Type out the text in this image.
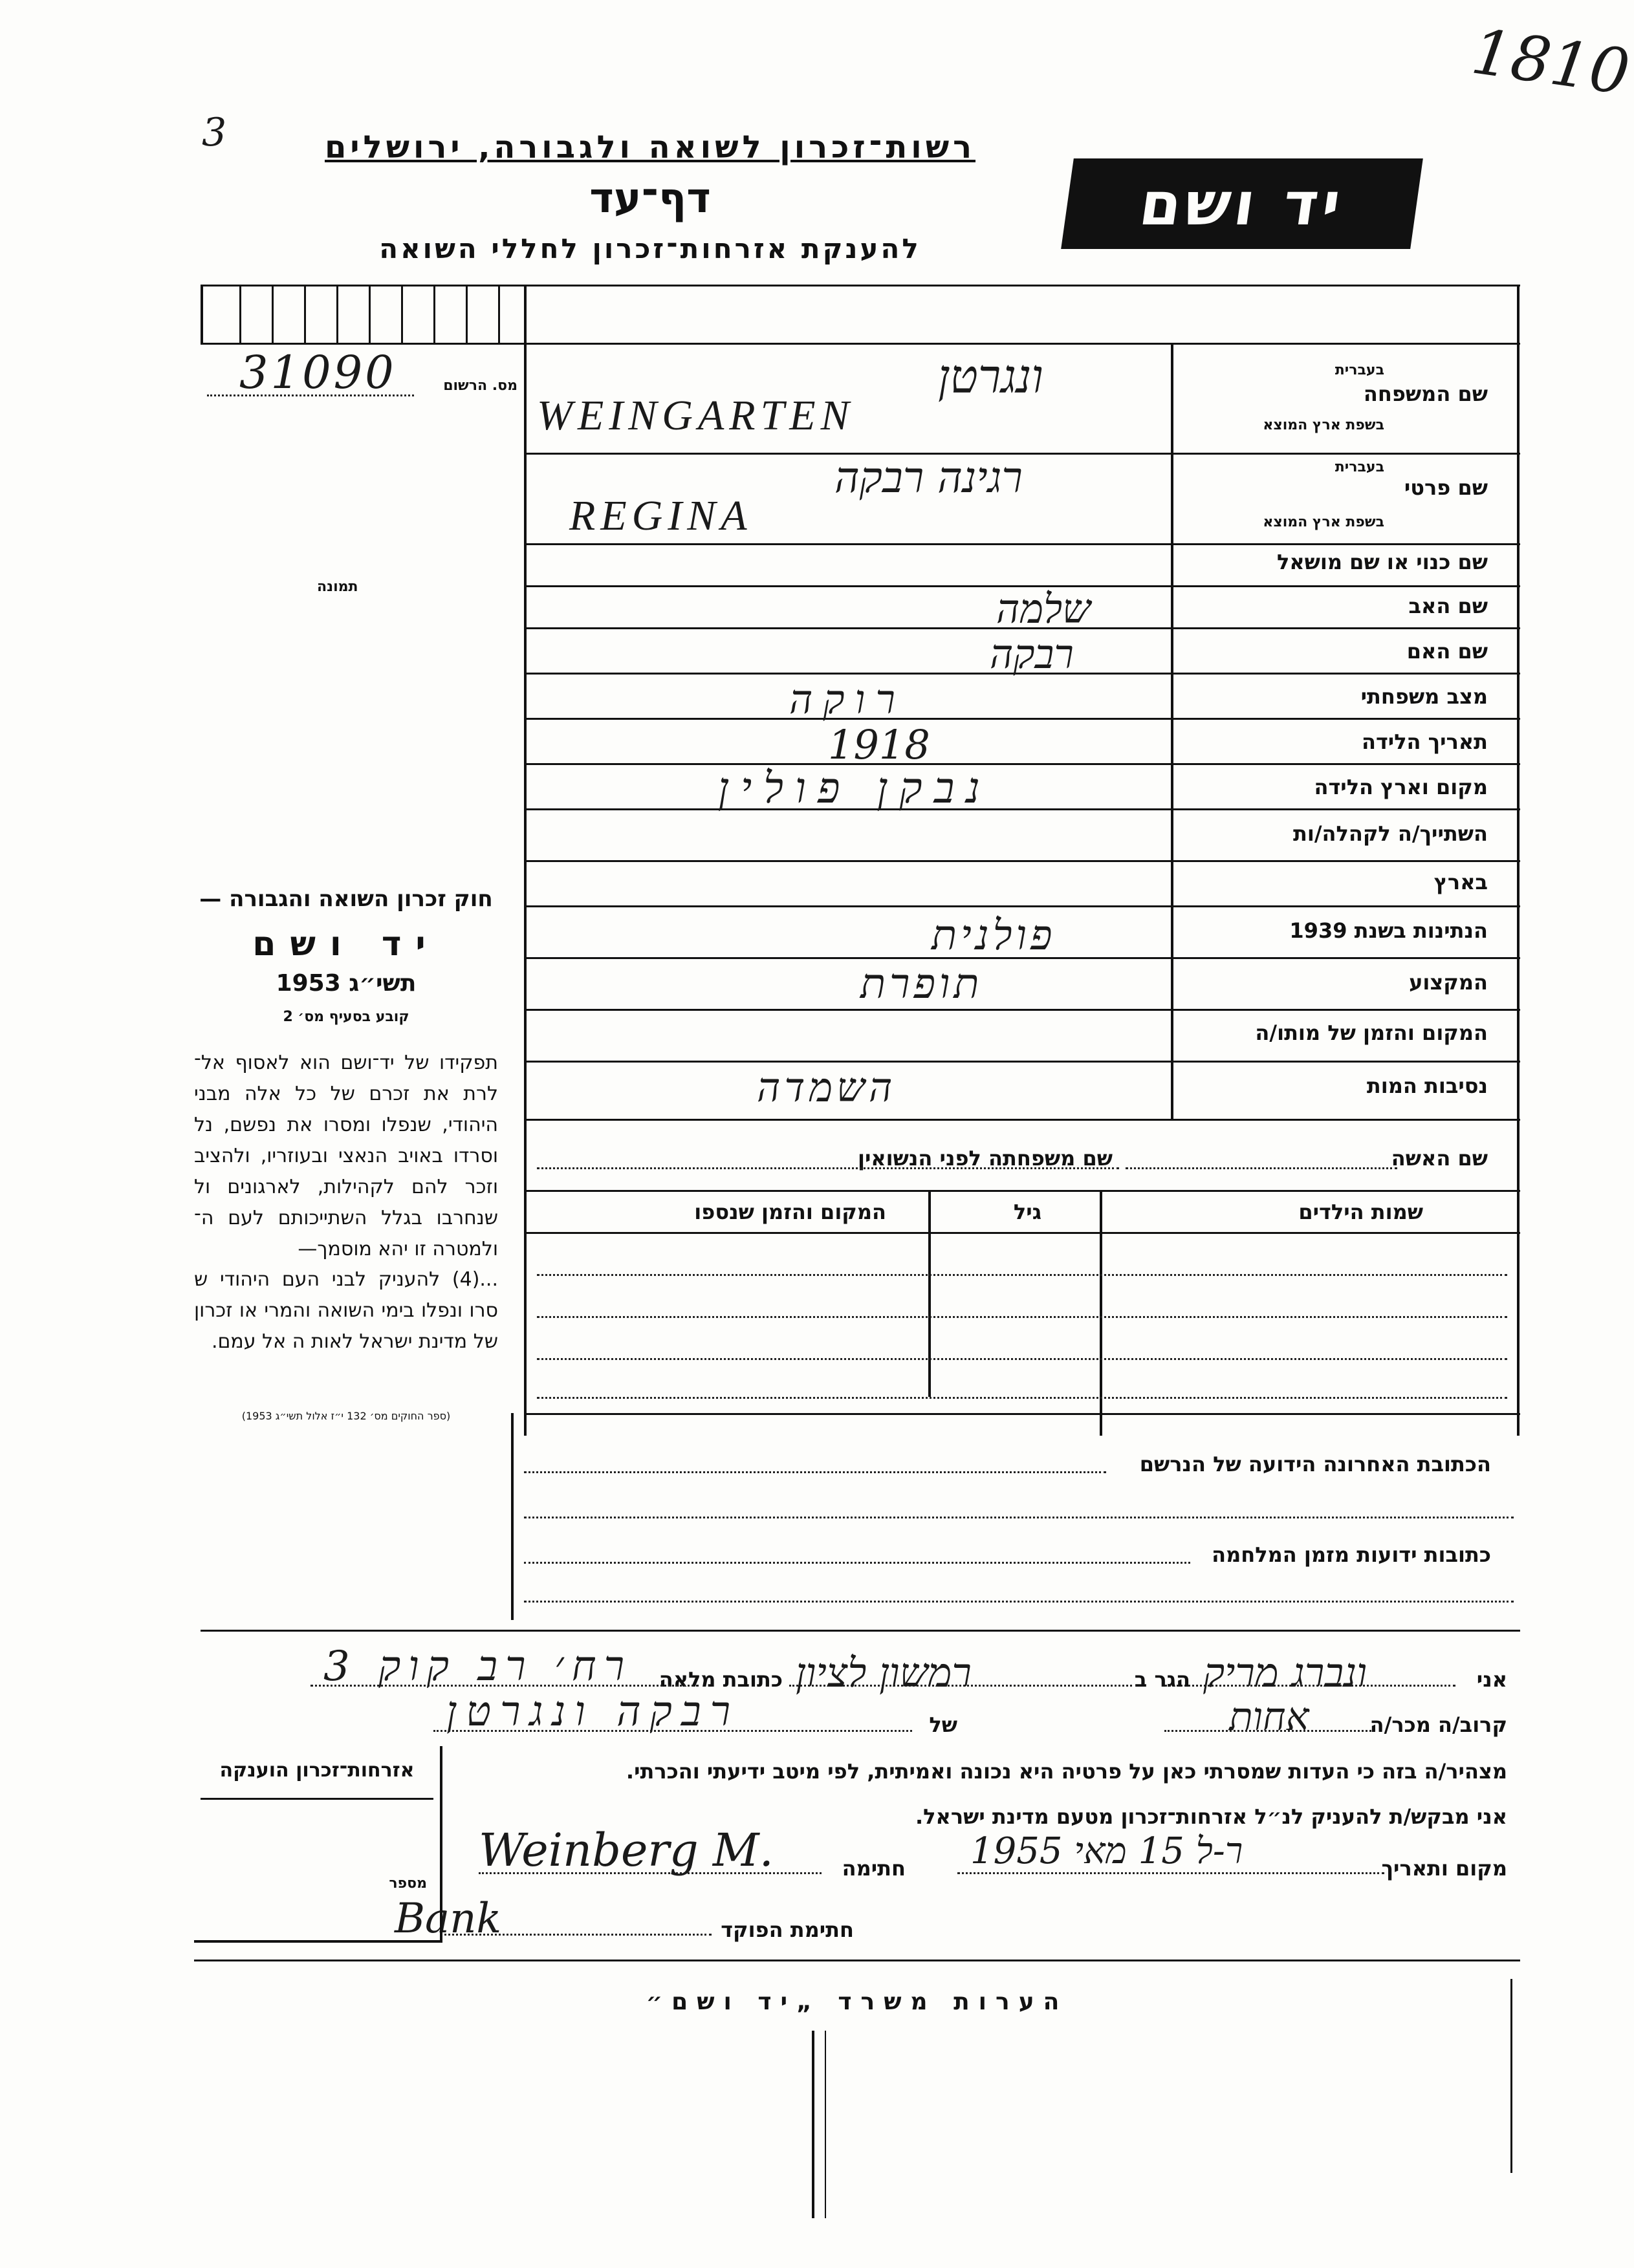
1810
3	רשות־זכרון לשואה ולגבורה, ירושלים
דף־עד
להענקת אזרחות־זכרון לחללי השואה
יד ושם
מס. הרשום
31090
תמונה
שם המשפחה
בעברית
בשפת ארץ המוצא
ונגרטן
WEINGARTEN
שם פרטי
בעברית
בשפת ארץ המוצא
רגינה רבקה
REGINA
שם כנוי או שם מושאל
שם האב
שלמה
שם האם
רבקה
מצב משפחתי
רוקה
תאריך הלידה
1918
מקום וארץ הלידה
נבקן פולין
השתייך/ה לקהלה/ות
בארץ
הנתינות בשנת 1939
פולנית
המקצוע
תופרת
המקום והזמן של מותו/ה
נסיבות המות
השמדה
שם האשה
שם משפחתה לפני הנשואין
שמות הילדים
גיל
המקום והזמן שנספו
חוק זכרון השואה והגבורה —
יד ושם
תשי״ג 1953
קובע בסעיף מס׳ 2
תפקידו של יד־ושם הוא לאסוף אל־ לרת את זכרם של כל אלה מבני היהודי, שנפלו ומסרו את נפשם, נל וסרדו באויב הנאצי ובעוזריו, ולהציב וזכר להם לקהילות, לארגונים ול שנחרבו בגלל השתייכותם לעם ה־ ולמטרה זו יהא מוסמך—
...(4) להעניק לבני העם היהודי ש סרו ונפלו בימי השואה והמרי או זכרון של מדינת ישראל לאות ה אל עמם.
(ספר החוקים מס׳ 132 י״ז אלול תשי״ג 1953)
הכתובת האחרונה הידועה של הנרשם
כתובות ידועות מזמן המלחמה
אני
ונברג מריק
הגר ב
רמשון לציון
כתובת מלאה
רח׳ רב קוק 3
קרוב/ה מכר/ה
אחות
של
רבקה ונגרטן
מצהיר/ה בזה כי העדות שמסרתי כאן על פרטיה היא נכונה ואמיתית, לפי מיטב ידיעתי והכרתי.
אני מבקש/ת להעניק לנ״ל אזרחות־זכרון מטעם מדינת ישראל.
מקום ותאריך
ר-ל 15 מאי 1955
חתימה
Weinberg M.
חתימת הפוקד
Bank
אזרחות־זכרון הוענקה
מספר
הערות משרד „יד ושם״
